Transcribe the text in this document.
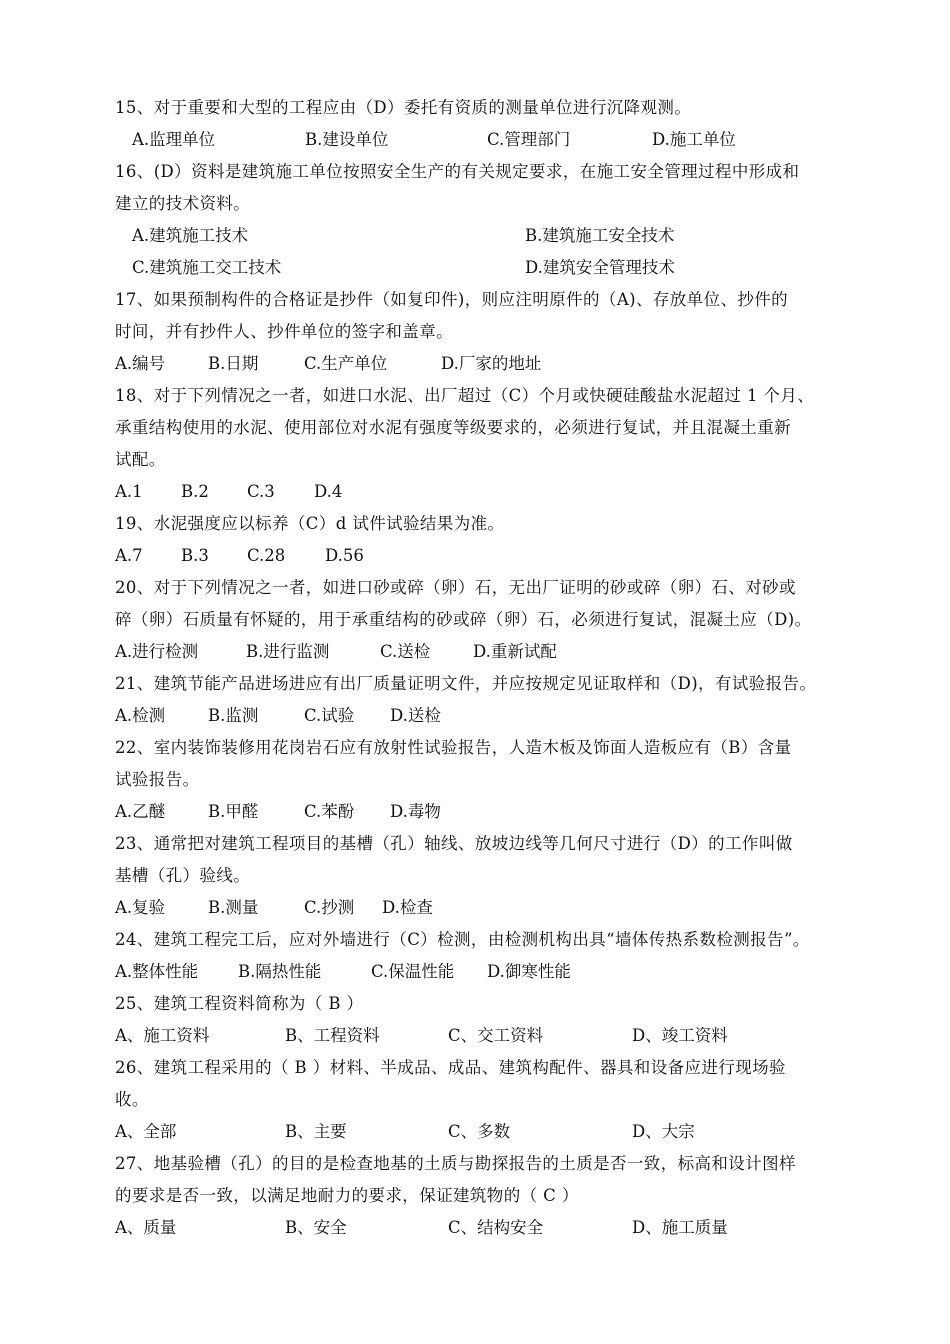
15、对于重要和大型的工程应由（D）委托有资质的测量单位进行沉降观测。
A.监理单位	B.建设单位	C.管理部门	D.施工单位
16、(D）资料是建筑施工单位按照安全生产的有关规定要求，在施工安全管理过程中形成和
建立的技术资料。
A.建筑施工技术	B.建筑施工安全技术
C.建筑施工交工技术	D.建筑安全管理技术
17、如果预制构件的合格证是抄件（如复印件)，则应注明原件的（A)、存放单位、抄件的
时间，并有抄件人、抄件单位的签字和盖章。
A.编号	B.日期	C.生产单位	D.厂家的地址
18、对于下列情况之一者，如进口水泥、出厂超过（C）个月或快硬硅酸盐水泥超过 1 个月、
承重结构使用的水泥、使用部位对水泥有强度等级要求的，必须进行复试，并且混凝土重新
试配。
A.1 B.2 C.3 D.4
19、水泥强度应以标养（C）d 试件试验结果为准。
A.7 B.3 C.28 D.56
20、对于下列情况之一者，如进口砂或碎（卵）石，无出厂证明的砂或碎（卵）石、对砂或
碎（卵）石质量有怀疑的，用于承重结构的砂或碎（卵）石，必须进行复试，混凝土应（D)。
A.进行检测	B.进行监测	C.送检	D.重新试配
21、建筑节能产品进场进应有出厂质量证明文件，并应按规定见证取样和（D)，有试验报告。
A.检测	B.监测	C.试验 D.送检
22、室内装饰装修用花岗岩石应有放射性试验报告，人造木板及饰面人造板应有（B）含量
试验报告。
A.乙醚	B.甲醛	C.苯酚 D.毒物
23、通常把对建筑工程项目的基槽（孔）轴线、放坡边线等几何尺寸进行（D）的工作叫做
基槽（孔）验线。
A.复验	B.测量	C.抄测 D.检查
24、建筑工程完工后，应对外墙进行（C）检测，由检测机构出具“墙体传热系数检测报告”。
A.整体性能 B.隔热性能	C.保温性能 D.御寒性能
25、建筑工程资料简称为（ B ）
A、施工资料	B、工程资料	C、交工资料	D、竣工资料
26、建筑工程采用的（ B ）材料、半成品、成品、建筑构配件、器具和设备应进行现场验
收。
A、全部	B、主要	C、多数	D、大宗
27、地基验槽（孔）的目的是检查地基的土质与勘探报告的土质是否一致，标高和设计图样
的要求是否一致，以满足地耐力的要求，保证建筑物的（ C ）
A、质量	B、安全	C、结构安全	D、施工质量
